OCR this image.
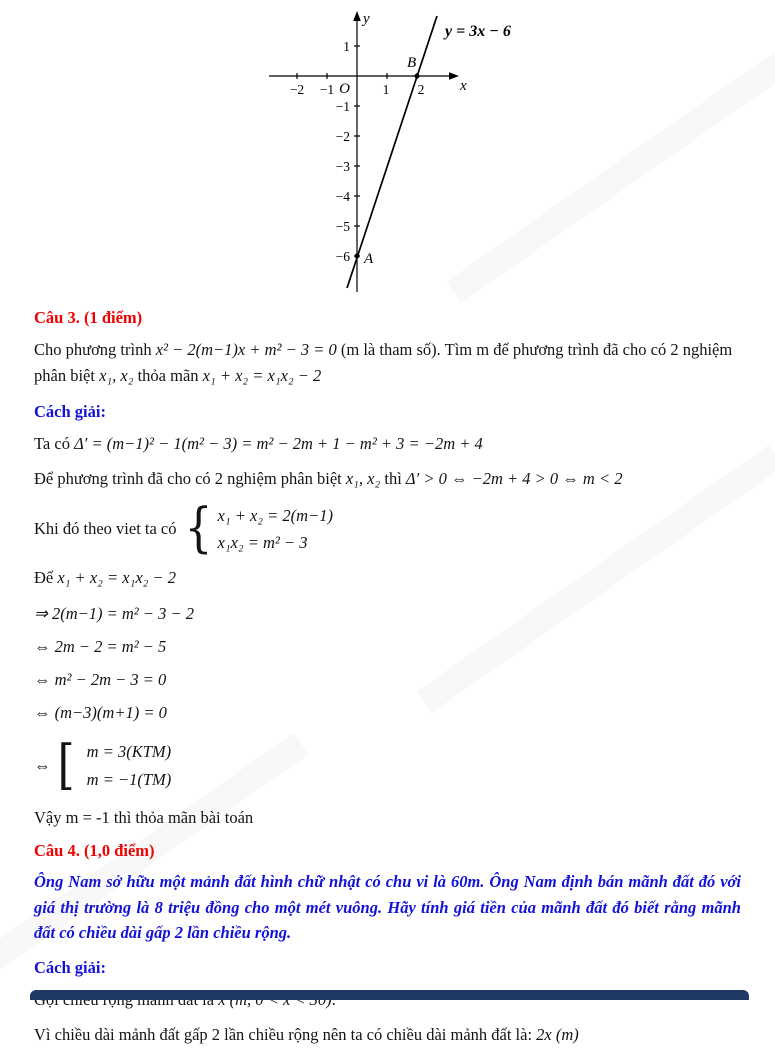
y
x
O
y = 3x − 6
B
A
−2 −1	1 2
1
−1
−2
−3
−4
−5
−6
Câu 3. (1 điểm)

Cho phương trình x² − 2(m−1)x + m² − 3 = 0 (m là tham số). Tìm m để phương trình đã cho có 2 nghiệm phân biệt x₁, x₂ thỏa mãn x₁ + x₂ = x₁x₂ − 2

Cách giải:

Ta có Δ′ = (m−1)² − 1(m² − 3) = m² − 2m + 1 − m² + 3 = −2m + 4

Để phương trình đã cho có 2 nghiệm phân biệt x₁, x₂ thì Δ′ > 0 ⇔ −2m + 4 > 0 ⇔ m < 2

Khi đó theo viet ta có { x₁ + x₂ = 2(m−1)
x₁x₂ = m² − 3

Để x₁ + x₂ = x₁x₂ − 2

⇒ 2(m−1) = m² − 3 − 2

⇔ 2m − 2 = m² − 5

⇔ m² − 2m − 3 = 0

⇔ (m−3)(m+1) = 0

⇔ [ m = 3(KTM)
m = −1(TM)

Vậy m = -1 thì thỏa mãn bài toán

Câu 4. (1,0 điểm)

Ông Nam sở hữu một mảnh đất hình chữ nhật có chu vi là 60m. Ông Nam định bán mãnh đất đó với giá thị trường là 8 triệu đồng cho một mét vuông. Hãy tính giá tiền của mãnh đất đó biết rằng mãnh đất có chiều dài gấp 2 lần chiều rộng.

Cách giải:

Vì chiều dài mảnh đất gấp 2 lần chiều rộng nên ta có chiều dài mảnh đất là: 2x (m)
